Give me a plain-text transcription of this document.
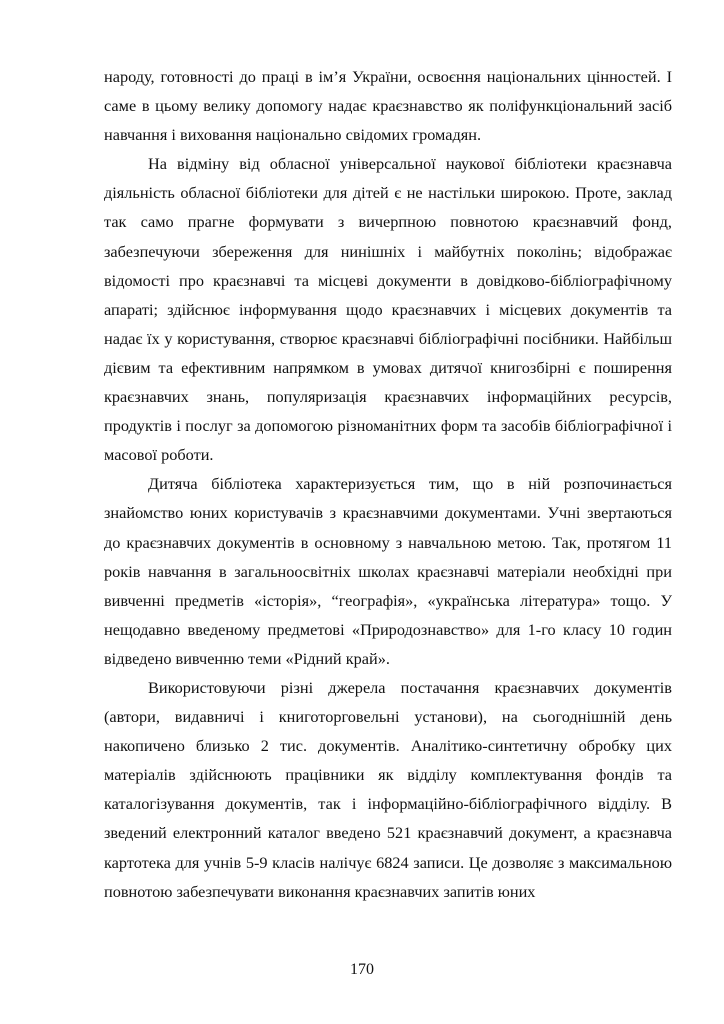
народу, готовності до праці в ім’я України, освоєння національних цінностей. І саме в цьому велику допомогу надає краєзнавство як поліфункціональний засіб навчання і виховання національно свідомих громадян.

На відміну від обласної універсальної наукової бібліотеки краєзнавча діяльність обласної бібліотеки для дітей є не настільки широкою. Проте, заклад так само прагне формувати з вичерпною повнотою краєзнавчий фонд, забезпечуючи збереження для нинішніх і майбутніх поколінь; відображає відомості про краєзнавчі та місцеві документи в довідково-бібліографічному апараті; здійснює інформування щодо краєзнавчих і місцевих документів та надає їх у користування, створює краєзнавчі бібліографічні посібники. Найбільш дієвим та ефективним напрямком в умовах дитячої книгозбірні є поширення краєзнавчих знань, популяризація краєзнавчих інформаційних ресурсів, продуктів і послуг за допомогою різноманітних форм та засобів бібліографічної і масової роботи.

Дитяча бібліотека характеризується тим, що в ній розпочинається знайомство юних користувачів з краєзнавчими документами. Учні звертаються до краєзнавчих документів в основному з навчальною метою. Так, протягом 11 років навчання в загальноосвітніх школах краєзнавчі матеріали необхідні при вивченні предметів «історія», “географія», «українська література» тощо. У нещодавно введеному предметові «Природознавство» для 1-го класу 10 годин відведено вивченню теми «Рідний край».

Використовуючи різні джерела постачання краєзнавчих документів (автори, видавничі і книготорговельні установи), на сьогоднішній день накопичено близько 2 тис. документів. Аналітико-синтетичну обробку цих матеріалів здійснюють працівники як відділу комплектування фондів та каталогізування документів, так і інформаційно-бібліографічного відділу. В зведений електронний каталог введено 521 краєзнавчий документ, а краєзнавча картотека для учнів 5-9 класів налічує 6824 записи. Це дозволяє з максимальною повнотою забезпечувати виконання краєзнавчих запитів юних

170
